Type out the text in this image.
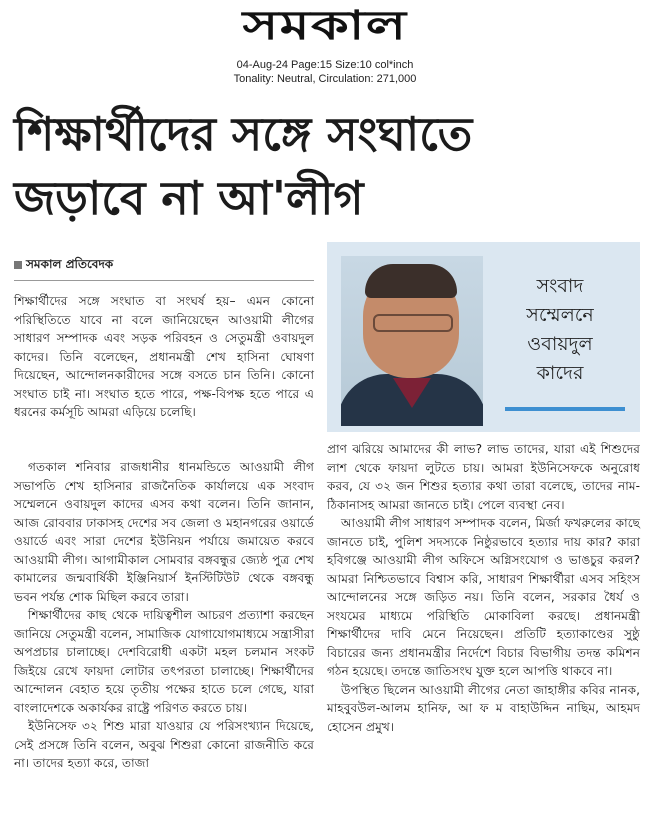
সমকাল
04-Aug-24 Page:15 Size:10 col*inch
Tonality: Neutral, Circulation: 271,000
শিক্ষার্থীদের সঙ্গে সংঘাতে
জড়াবে না আ'লীগ
সমকাল প্রতিবেদক
সংবাদ
সম্মেলনে
ওবায়দুল
কাদের

শিক্ষার্থীদের সঙ্গে সংঘাত বা সংঘর্ষ হয়– এমন কোনো পরিস্থিতিতে যাবে না বলে জানিয়েছেন আওয়ামী লীগের সাধারণ সম্পাদক এবং সড়ক পরিবহন ও সেতুমন্ত্রী ওবায়দুল কাদের। তিনি বলেছেন, প্রধানমন্ত্রী শেখ হাসিনা ঘোষণা দিয়েছেন, আন্দোলনকারীদের সঙ্গে বসতে চান তিনি। কোনো সংঘাত চাই না। সংঘাত হতে পারে, পক্ষ-বিপক্ষ হতে পারে এ ধরনের কর্মসূচি আমরা এড়িয়ে চলেছি।

গতকাল শনিবার রাজধানীর ধানমন্ডিতে আওয়ামী লীগ সভাপতি শেখ হাসিনার রাজনৈতিক কার্যালয়ে এক সংবাদ সম্মেলনে ওবায়দুল কাদের এসব কথা বলেন। তিনি জানান, আজ রোববার ঢাকাসহ দেশের সব জেলা ও মহানগরের ওয়ার্ডে ওয়ার্ডে এবং সারা দেশের ইউনিয়ন পর্যায়ে জমায়েত করবে আওয়ামী লীগ। আগামীকাল সোমবার বঙ্গবন্ধুর জ্যেষ্ঠ পুত্র শেখ কামালের জন্মবার্ষিকী ইঞ্জিনিয়ার্স ইনস্টিটিউট থেকে বঙ্গবন্ধু ভবন পর্যন্ত শোক মিছিল করবে তারা।

শিক্ষার্থীদের কাছ থেকে দায়িত্বশীল আচরণ প্রত্যাশা করছেন জানিয়ে সেতুমন্ত্রী বলেন, সামাজিক যোগাযোগমাধ্যমে সন্ত্রাসীরা অপপ্রচার চালাচ্ছে। দেশবিরোধী একটা মহল চলমান সংকট জিইয়ে রেখে ফায়দা লোটার তৎপরতা চালাচ্ছে। শিক্ষার্থীদের আন্দোলন বেহাত হয়ে তৃতীয় পক্ষের হাতে চলে গেছে, যারা বাংলাদেশকে অকার্যকর রাষ্ট্রে পরিণত করতে চায়।

ইউনিসেফ ৩২ শিশু মারা যাওয়ার যে পরিসংখ্যান দিয়েছে, সেই প্রসঙ্গে তিনি বলেন, অবুঝ শিশুরা কোনো রাজনীতি করে না। তাদের হত্যা করে, তাজা

প্রাণ ঝরিয়ে আমাদের কী লাভ? লাভ তাদের, যারা এই শিশুদের লাশ থেকে ফায়দা লুটতে চায়। আমরা ইউনিসেফকে অনুরোধ করব, যে ৩২ জন শিশুর হত্যার কথা তারা বলেছে, তাদের নাম-ঠিকানাসহ আমরা জানতে চাই। পেলে ব্যবস্থা নেব।

আওয়ামী লীগ সাধারণ সম্পাদক বলেন, মির্জা ফখরুলের কাছে জানতে চাই, পুলিশ সদস্যকে নিষ্ঠুরভাবে হত্যার দায় কার? কারা হবিগঞ্জে আওয়ামী লীগ অফিসে অগ্নিসংযোগ ও ভাঙচুর করল? আমরা নিশ্চিতভাবে বিশ্বাস করি, সাধারণ শিক্ষার্থীরা এসব সহিংস আন্দোলনের সঙ্গে জড়িত নয়। তিনি বলেন, সরকার ধৈর্য ও সংযমের মাধ্যমে পরিস্থিতি মোকাবিলা করছে। প্রধানমন্ত্রী শিক্ষার্থীদের দাবি মেনে নিয়েছেন। প্রতিটি হত্যাকাণ্ডের সুষ্ঠু বিচারের জন্য প্রধানমন্ত্রীর নির্দেশে বিচার বিভাগীয় তদন্ত কমিশন গঠন হয়েছে। তদন্তে জাতিসংঘ যুক্ত হলে আপত্তি থাকবে না।

উপস্থিত ছিলেন আওয়ামী লীগের নেতা জাহাঙ্গীর কবির নানক, মাহবুবউল-আলম হানিফ, আ ফ ম বাহাউদ্দিন নাছিম, আহমদ হোসেন প্রমুখ।
